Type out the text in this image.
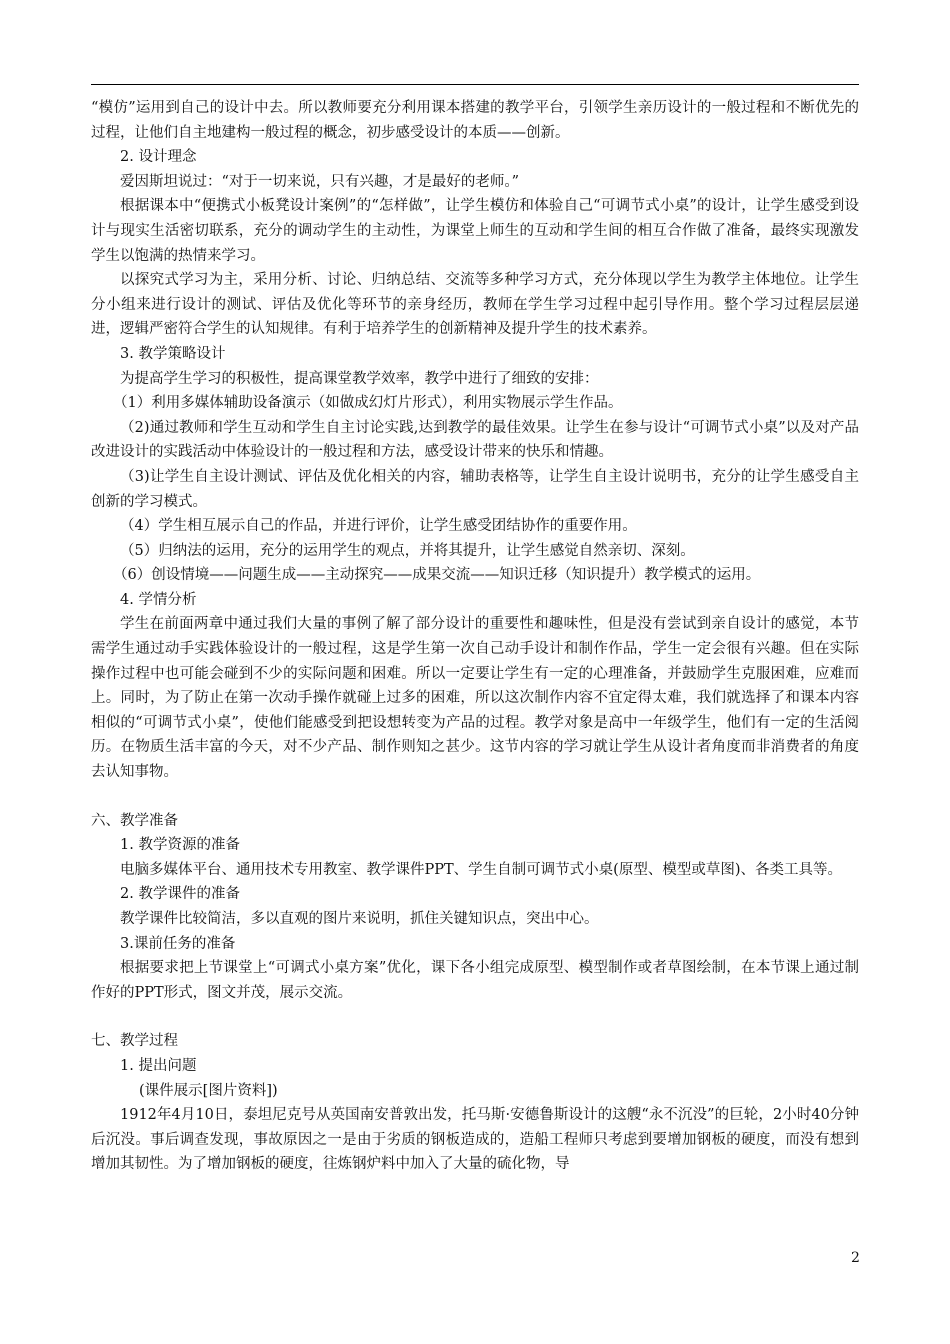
“模仿”运用到自己的设计中去。所以教师要充分利用课本搭建的教学平台，引领学生亲历设计的一般过程和不断优先的过程，让他们自主地建构一般过程的概念，初步感受设计的本质——创新。

2. 设计理念

爱因斯坦说过：“对于一切来说，只有兴趣，才是最好的老师。”

根据课本中“便携式小板凳设计案例”的“怎样做”，让学生模仿和体验自己“可调节式小桌”的设计，让学生感受到设计与现实生活密切联系，充分的调动学生的主动性，为课堂上师生的互动和学生间的相互合作做了准备，最终实现激发学生以饱满的热情来学习。

以探究式学习为主，采用分析、讨论、归纳总结、交流等多种学习方式，充分体现以学生为教学主体地位。让学生分小组来进行设计的测试、评估及优化等环节的亲身经历，教师在学生学习过程中起引导作用。整个学习过程层层递进，逻辑严密符合学生的认知规律。有利于培养学生的创新精神及提升学生的技术素养。

3. 教学策略设计

为提高学生学习的积极性，提高课堂教学效率，教学中进行了细致的安排：

（1）利用多媒体辅助设备演示（如做成幻灯片形式），利用实物展示学生作品。

（2)通过教师和学生互动和学生自主讨论实践,达到教学的最佳效果。让学生在参与设计“可调节式小桌”以及对产品改进设计的实践活动中体验设计的一般过程和方法，感受设计带来的快乐和情趣。

（3)让学生自主设计测试、评估及优化相关的内容，辅助表格等，让学生自主设计说明书，充分的让学生感受自主创新的学习模式。

（4）学生相互展示自己的作品，并进行评价，让学生感受团结协作的重要作用。

（5）归纳法的运用，充分的运用学生的观点，并将其提升，让学生感觉自然亲切、深刻。

（6）创设情境——问题生成——主动探究——成果交流——知识迁移（知识提升）教学模式的运用。

4. 学情分析

学生在前面两章中通过我们大量的事例了解了部分设计的重要性和趣味性，但是没有尝试到亲自设计的感觉，本节需学生通过动手实践体验设计的一般过程，这是学生第一次自己动手设计和制作作品，学生一定会很有兴趣。但在实际操作过程中也可能会碰到不少的实际问题和困难。所以一定要让学生有一定的心理准备，并鼓励学生克服困难，应难而上。同时，为了防止在第一次动手操作就碰上过多的困难，所以这次制作内容不宜定得太难，我们就选择了和课本内容相似的“可调节式小桌”，使他们能感受到把设想转变为产品的过程。教学对象是高中一年级学生，他们有一定的生活阅历。在物质生活丰富的今天，对不少产品、制作则知之甚少。这节内容的学习就让学生从设计者角度而非消费者的角度去认知事物。

六、教学准备

1. 教学资源的准备

电脑多媒体平台、通用技术专用教室、教学课件PPT、学生自制可调节式小桌(原型、模型或草图)、各类工具等。

2. 教学课件的准备

教学课件比较简洁，多以直观的图片来说明，抓住关键知识点，突出中心。

3.课前任务的准备

根据要求把上节课堂上“可调式小桌方案”优化，课下各小组完成原型、模型制作或者草图绘制，在本节课上通过制作好的PPT形式，图文并茂，展示交流。

七、教学过程

1. 提出问题

(课件展示[图片资料])

1912年4月10日，泰坦尼克号从英国南安普敦出发，托马斯·安德鲁斯设计的这艘“永不沉没”的巨轮，2小时40分钟后沉没。事后调查发现，事故原因之一是由于劣质的钢板造成的，造船工程师只考虑到要增加钢板的硬度，而没有想到增加其韧性。为了增加钢板的硬度，往炼钢炉料中加入了大量的硫化物，导

2
